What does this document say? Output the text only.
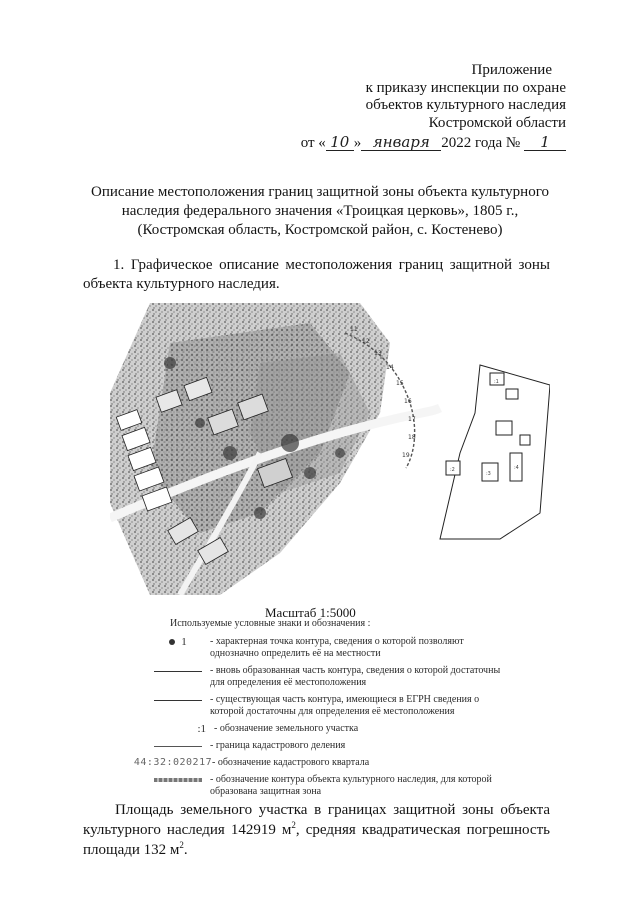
Приложение
к приказу инспекции по охране
объектов культурного наследия
Костромской области
от « 10 » января 2022 года № 1
Описание местоположения границ защитной зоны объекта культурного
наследия федерального значения «Троицкая церковь», 1805 г.,
(Костромская область, Костромской район, с. Костенево)
1. Графическое описание местоположения границ защитной зоны
объекта культурного наследия.
11
12
13
14
15
16
17
18
19
:1
:2
:3
:4
Масштаб 1:5000
Используемые условные знаки и обозначения :
1	- характерная точка контура, сведения о которой позволяют однозначно определить её на местности
- вновь образованная часть контура, сведения о которой достаточны для определения её местоположения
- существующая часть контура, имеющиеся в ЕГРН сведения о которой достаточны для определения её местоположения
:1 - обозначение земельного участка
- граница кадастрового деления
44:32:020217 - обозначение кадастрового квартала
- обозначение контура объекта культурного наследия, для которой образована защитная зона
Площадь земельного участка в границах защитной зоны объекта
культурного наследия 142919 $м^2$, средняя квадратическая погрешность
площади 132 $м^2$.
